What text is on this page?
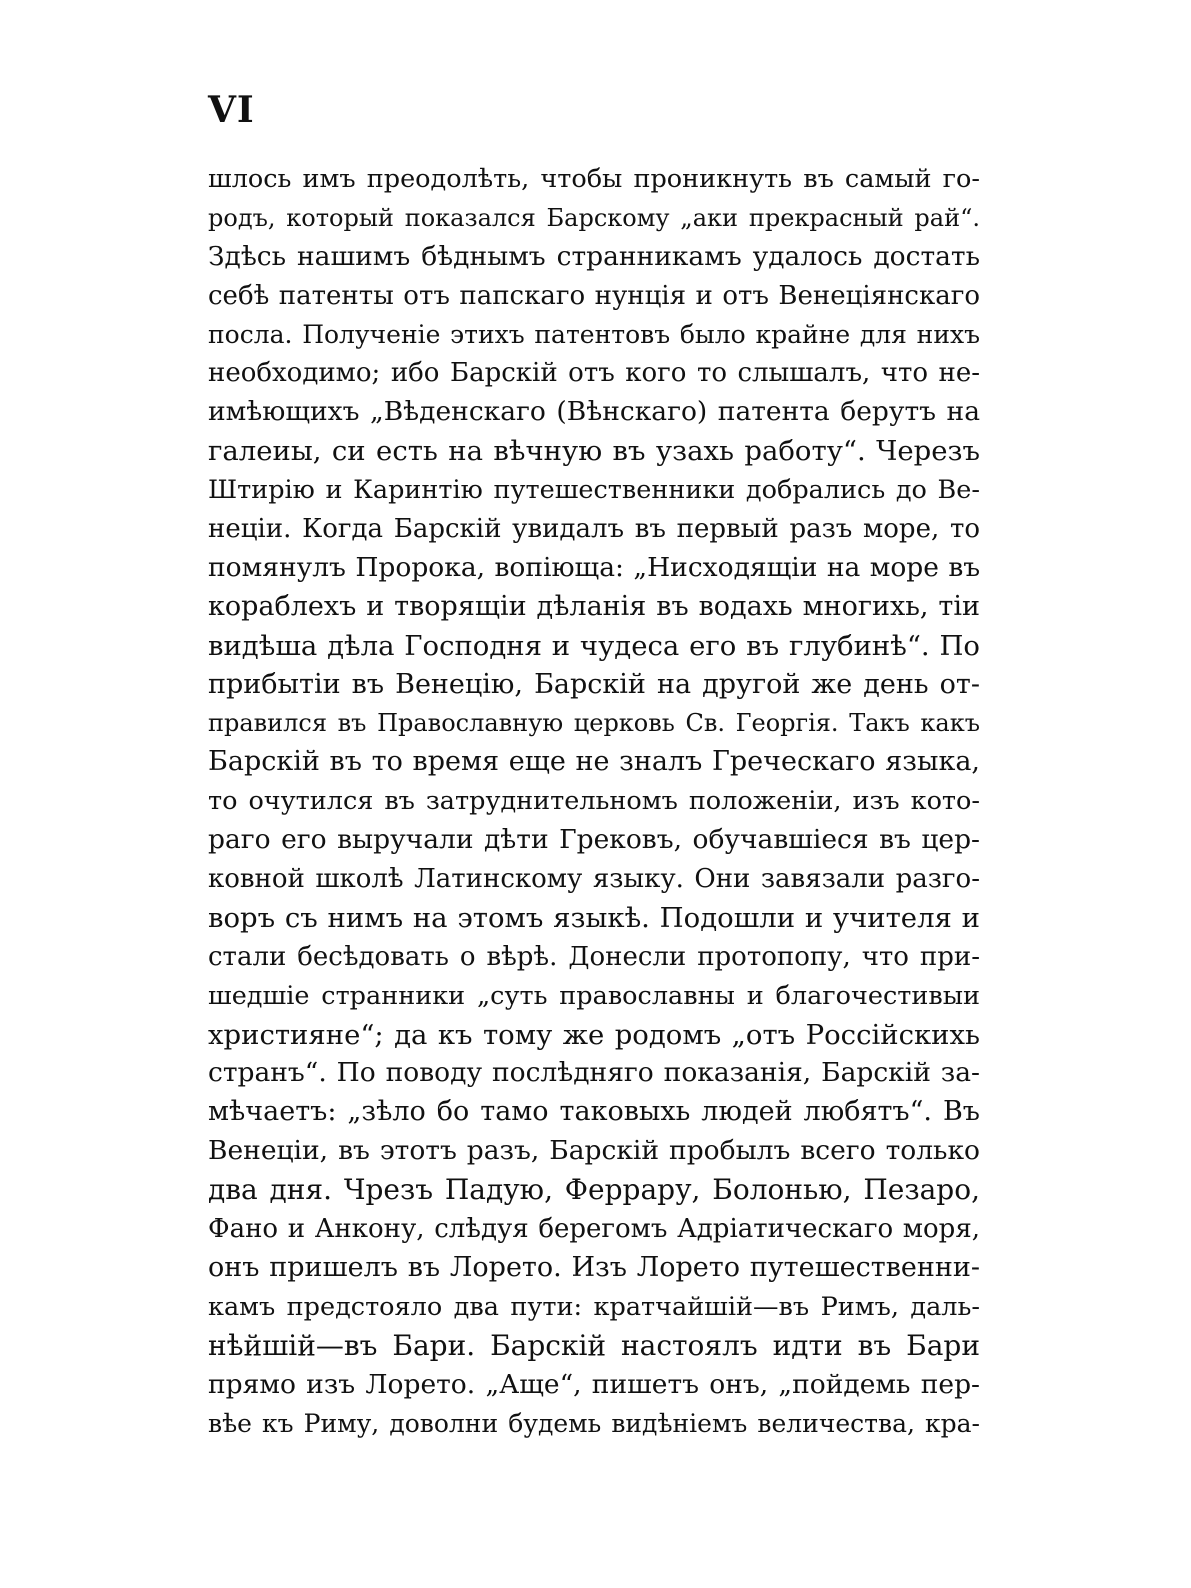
VI
шлось имъ преодолѣть, чтобы проникнуть въ самый го-
родъ, который показался Барскому „аки прекрасный рай“.
Здѣсь нашимъ бѣднымъ странникамъ удалось достать
себѣ патенты отъ папскаго нунція и отъ Венеціянскаго
посла. Полученіе этихъ патентовъ было крайне для нихъ
необходимо; ибо Барскій отъ кого то слышалъ, что не-
имѣющихъ „Вѣденскаго (Вѣнскаго) патента берутъ на
галеиы, си есть на вѣчную въ узахь работу“. Черезъ
Штирію и Каринтію путешественники добрались до Ве-
неціи. Когда Барскій увидалъ въ первый разъ море, то
помянулъ Пророка, вопіюща: „Нисходящіи на море въ
кораблехъ и творящіи дѣланія въ водахь многихь, тіи
видѣша дѣла Господня и чудеса его въ глубинѣ“. По
прибытіи въ Венецію, Барскій на другой же день от-
правился въ Православную церковь Св. Георгія. Такъ какъ
Барскій въ то время еще не зналъ Греческаго языка,
то очутился въ затруднительномъ положеніи, изъ кото-
раго его выручали дѣти Грековъ, обучавшіеся въ цер-
ковной школѣ Латинскому языку. Они завязали разго-
воръ съ нимъ на этомъ языкѣ. Подошли и учителя и
стали бесѣдовать о вѣрѣ. Донесли протопопу, что при-
шедшіе странники „суть православны и благочестивыи
християне“; да къ тому же родомъ „отъ Россійскихь
странъ“. По поводу послѣдняго показанія, Барскій за-
мѣчаетъ: „зѣло бо тамо таковыхь людей любятъ“. Въ
Венеціи, въ этотъ разъ, Барскій пробылъ всего только
два дня. Чрезъ Падую, Феррару, Болонью, Пезаро,
Фано и Анкону, слѣдуя берегомъ Адріатическаго моря,
онъ пришелъ въ Лорето. Изъ Лорето путешественни-
камъ предстояло два пути: кратчайшій—въ Римъ, даль-
нѣйшій—въ Бари. Барскій настоялъ идти въ Бари
прямо изъ Лорето. „Аще“, пишетъ онъ, „пойдемь пер-
вѣе къ Риму, доволни будемь видѣніемъ величества, кра-
